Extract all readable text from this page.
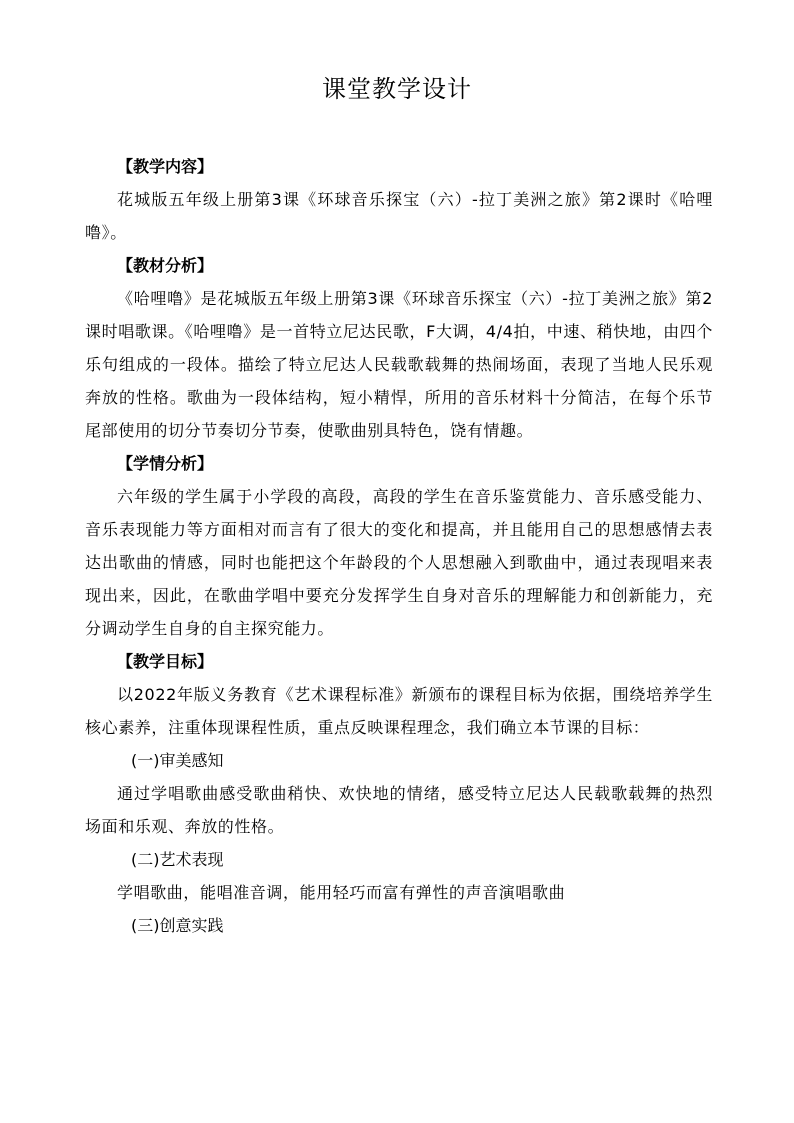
课堂教学设计

【教学内容】

花城版五年级上册第3课《环球音乐探宝（六）-拉丁美洲之旅》第2课时《哈哩噜》。

【教材分析】

《哈哩噜》是花城版五年级上册第3课《环球音乐探宝（六）-拉丁美洲之旅》第2课时唱歌课。《哈哩噜》是一首特立尼达民歌，F大调，4/4拍，中速、稍快地，由四个乐句组成的一段体。描绘了特立尼达人民载歌载舞的热闹场面，表现了当地人民乐观奔放的性格。歌曲为一段体结构，短小精悍，所用的音乐材料十分简洁，在每个乐节尾部使用的切分节奏切分节奏，使歌曲别具特色，饶有情趣。

【学情分析】

六年级的学生属于小学段的高段，高段的学生在音乐鉴赏能力、音乐感受能力、音乐表现能力等方面相对而言有了很大的变化和提高，并且能用自己的思想感情去表达出歌曲的情感，同时也能把这个年龄段的个人思想融入到歌曲中，通过表现唱来表现出来，因此，在歌曲学唱中要充分发挥学生自身对音乐的理解能力和创新能力，充分调动学生自身的自主探究能力。

【教学目标】

以2022年版义务教育《艺术课程标准》新颁布的课程目标为依据，围绕培养学生核心素养，注重体现课程性质，重点反映课程理念，我们确立本节课的目标：

(一)审美感知

通过学唱歌曲感受歌曲稍快、欢快地的情绪，感受特立尼达人民载歌载舞的热烈场面和乐观、奔放的性格。

(二)艺术表现

学唱歌曲，能唱准音调，能用轻巧而富有弹性的声音演唱歌曲

(三)创意实践
